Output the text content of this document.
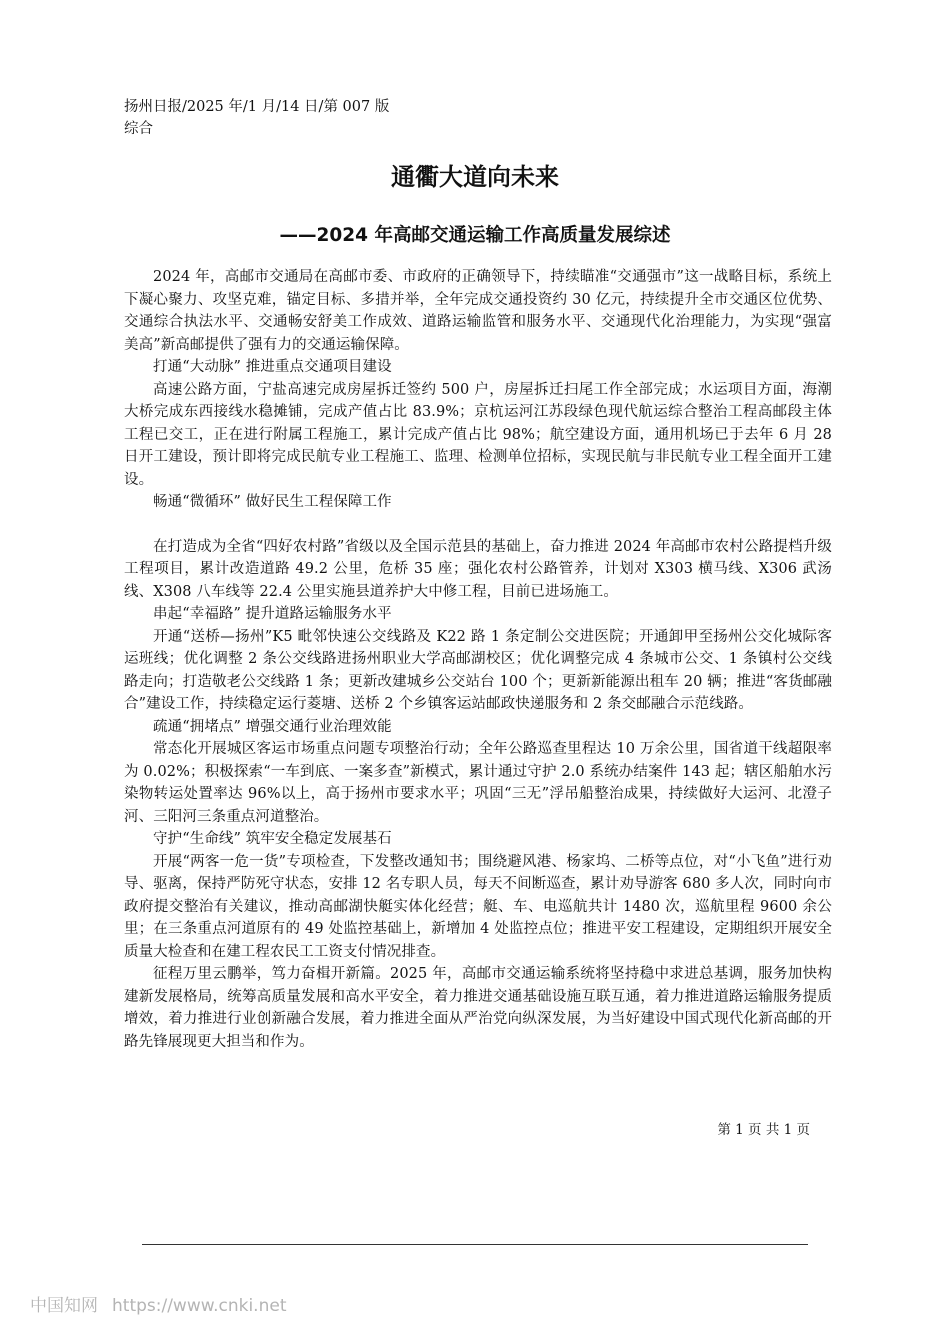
扬州日报/2025 年/1 月/14 日/第 007 版综合
通衢大道向未来
——2024 年高邮交通运输工作高质量发展综述

2024 年，高邮市交通局在高邮市委、市政府的正确领导下，持续瞄准“交通强市”这一战略目标，系统上下凝心聚力、攻坚克难，锚定目标、多措并举，全年完成交通投资约 30 亿元，持续提升全市交通区位优势、交通综合执法水平、交通畅安舒美工作成效、道路运输监管和服务水平、交通现代化治理能力，为实现“强富美高”新高邮提供了强有力的交通运输保障。

打通“大动脉” 推进重点交通项目建设

高速公路方面，宁盐高速完成房屋拆迁签约 500 户，房屋拆迁扫尾工作全部完成；水运项目方面，海潮大桥完成东西接线水稳摊铺，完成产值占比 83.9%；京杭运河江苏段绿色现代航运综合整治工程高邮段主体工程已交工，正在进行附属工程施工，累计完成产值占比 98%；航空建设方面，通用机场已于去年 6 月 28 日开工建设，预计即将完成民航专业工程施工、监理、检测单位招标，实现民航与非民航专业工程全面开工建设。

畅通“微循环” 做好民生工程保障工作

在打造成为全省“四好农村路”省级以及全国示范县的基础上，奋力推进 2024 年高邮市农村公路提档升级工程项目，累计改造道路 49.2 公里，危桥 35 座；强化农村公路管养，计划对 X303 横马线、X306 武汤线、X308 八车线等 22.4 公里实施县道养护大中修工程，目前已进场施工。

串起“幸福路” 提升道路运输服务水平

开通“送桥—扬州”K5 毗邻快速公交线路及 K22 路 1 条定制公交进医院；开通卸甲至扬州公交化城际客运班线；优化调整 2 条公交线路进扬州职业大学高邮湖校区；优化调整完成 4 条城市公交、1 条镇村公交线路走向；打造敬老公交线路 1 条；更新改建城乡公交站台 100 个；更新新能源出租车 20 辆；推进“客货邮融合”建设工作，持续稳定运行菱塘、送桥 2 个乡镇客运站邮政快递服务和 2 条交邮融合示范线路。

疏通“拥堵点” 增强交通行业治理效能

常态化开展城区客运市场重点问题专项整治行动；全年公路巡查里程达 10 万余公里，国省道干线超限率为 0.02%；积极探索“一车到底、一案多查”新模式，累计通过守护 2.0 系统办结案件 143 起；辖区船舶水污染物转运处置率达 96%以上，高于扬州市要求水平；巩固“三无”浮吊船整治成果，持续做好大运河、北澄子河、三阳河三条重点河道整治。

守护“生命线” 筑牢安全稳定发展基石

开展“两客一危一货”专项检查，下发整改通知书；围绕避风港、杨家坞、二桥等点位，对“小飞鱼”进行劝导、驱离，保持严防死守状态，安排 12 名专职人员，每天不间断巡查，累计劝导游客 680 多人次，同时向市政府提交整治有关建议，推动高邮湖快艇实体化经营；艇、车、电巡航共计 1480 次，巡航里程 9600 余公里；在三条重点河道原有的 49 处监控基础上，新增加 4 处监控点位；推进平安工程建设，定期组织开展安全质量大检查和在建工程农民工工资支付情况排查。

征程万里云鹏举，笃力奋楫开新篇。2025 年，高邮市交通运输系统将坚持稳中求进总基调，服务加快构建新发展格局，统筹高质量发展和高水平安全，着力推进交通基础设施互联互通，着力推进道路运输服务提质增效，着力推进行业创新融合发展，着力推进全面从严治党向纵深发展，为当好建设中国式现代化新高邮的开路先锋展现更大担当和作为。

第 1 页 共 1 页
中国知网 https://www.cnki.net
